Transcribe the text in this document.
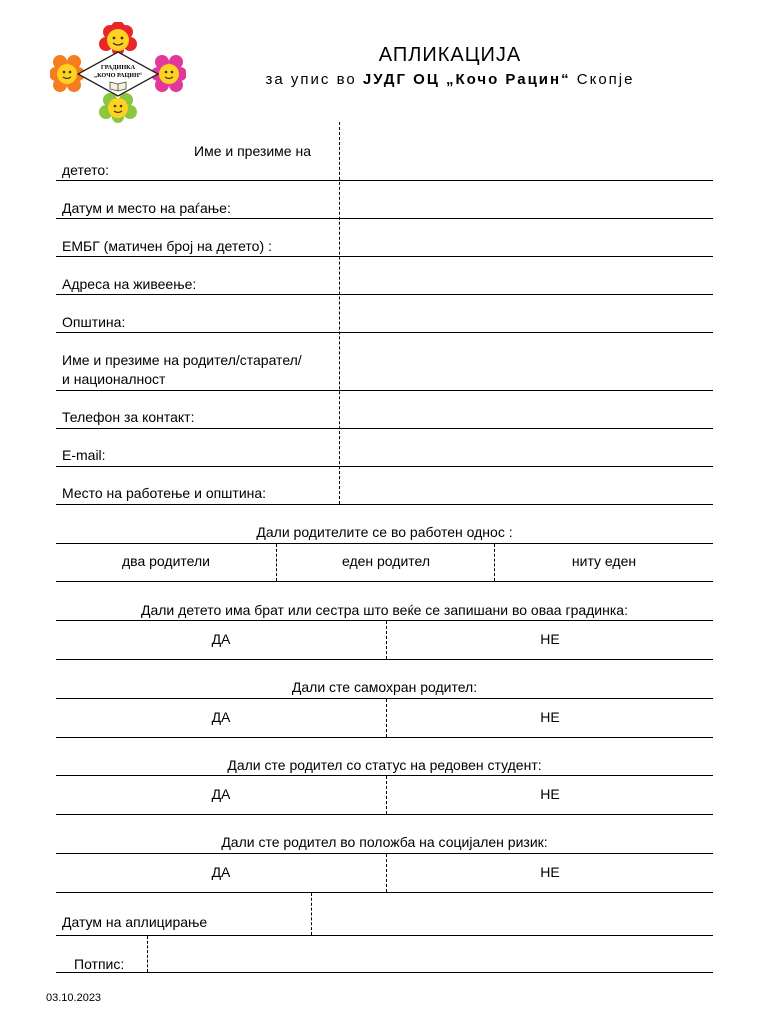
ГРАДИНКА
„КОЧО РАЦИН“
АПЛИКАЦИЈА
за упис во ЈУДГ ОЦ „Кочо Рацин“ Скопје
Име и презиме на
детето:
Датум и место на раѓање:
ЕМБГ (матичен број на детето) :
Адреса на живеење:
Општина:
Име и презиме на родител/старател/
и националност
Телефон за контакт:
E-mail:
Место на работење и општина:
Дали родителите се во работен однос :
два родители	еден родител	ниту еден
Дали детето има брат или сестра што веќе се запишани во оваа градинка:
ДА	НЕ
Дали сте самохран родител:
ДА	НЕ
Дали сте родител со статус на редовен студент:
ДА	НЕ
Дали сте родител во положба на социјален ризик:
ДА	НЕ
Датум на аплицирање
Потпис:
03.10.2023
